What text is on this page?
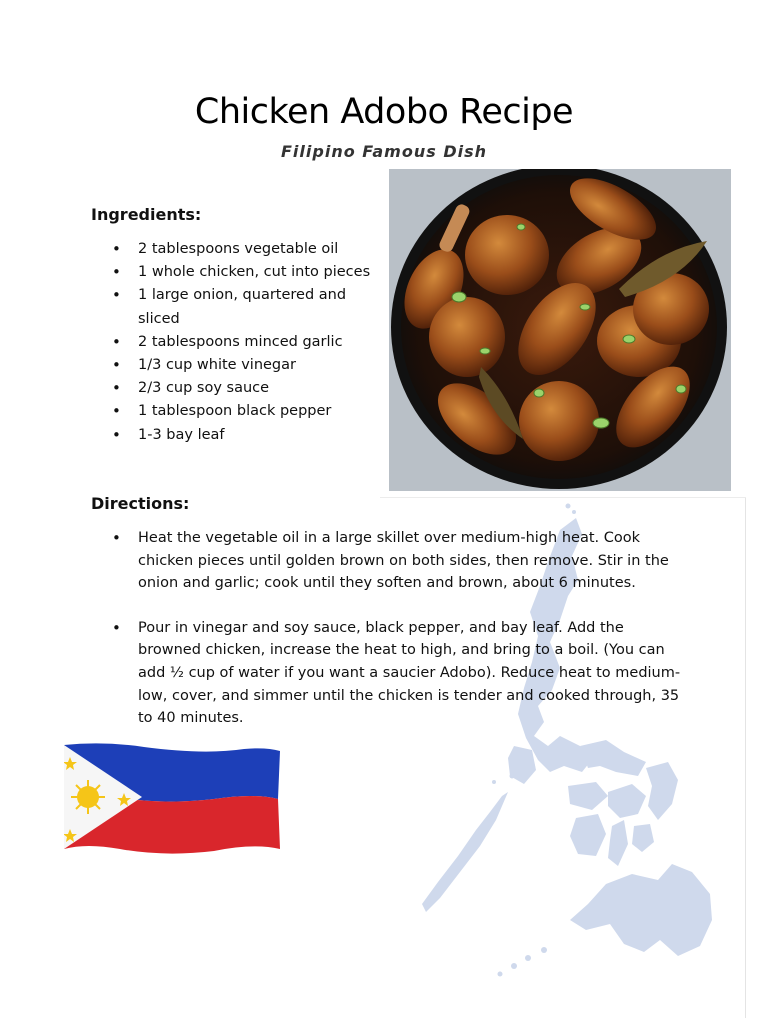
Chicken Adobo Recipe
Filipino Famous Dish
Ingredients:
• 2 tablespoons vegetable oil
• 1 whole chicken, cut into pieces
• 1 large onion, quartered and sliced
• 2 tablespoons minced garlic
• 1/3 cup white vinegar
• 2/3 cup soy sauce
• 1 tablespoon black pepper
• 1-3 bay leaf
Directions:
• Heat the vegetable oil in a large skillet over medium-high heat. Cook chicken pieces until golden brown on both sides, then remove. Stir in the onion and garlic; cook until they soften and brown, about 6 minutes.
• Pour in vinegar and soy sauce, black pepper, and bay leaf. Add the browned chicken, increase the heat to high, and bring to a boil. (You can add ½ cup of water if you want a saucier Adobo). Reduce heat to medium-low, cover, and simmer until the chicken is tender and cooked through, 35 to 40 minutes.
